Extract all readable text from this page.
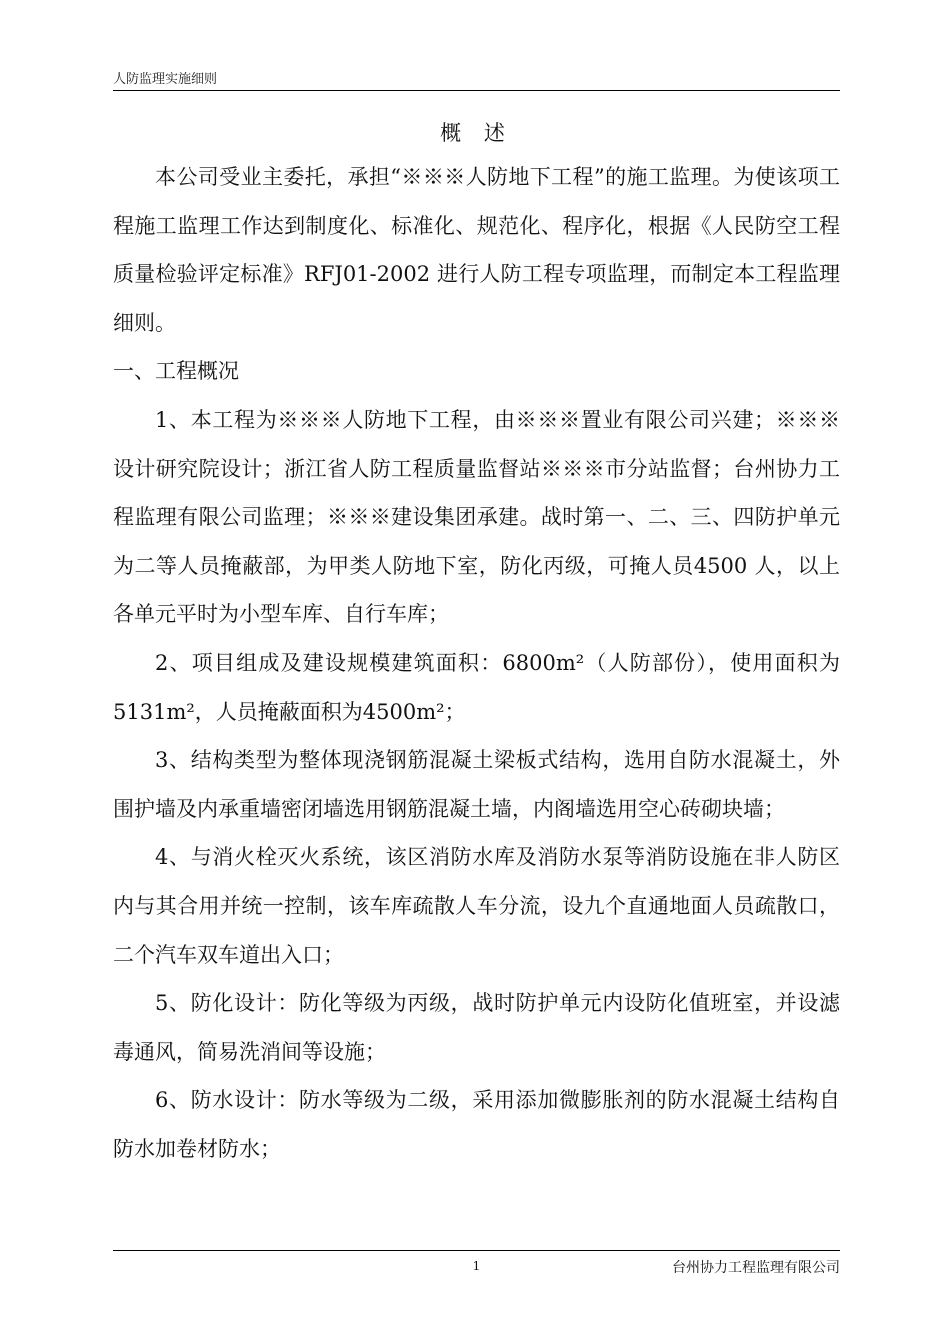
人防监理实施细则
概 述

本公司受业主委托，承担“※※※人防地下工程”的施工监理。为使该项工程施工监理工作达到制度化、标准化、规范化、程序化，根据《人民防空工程质量检验评定标准》RFJ01-2002 进行人防工程专项监理，而制定本工程监理细则。

一、工程概况

1、本工程为※※※人防地下工程，由※※※置业有限公司兴建；※※※设计研究院设计；浙江省人防工程质量监督站※※※市分站监督；台州协力工程监理有限公司监理；※※※建设集团承建。战时第一、二、三、四防护单元为二等人员掩蔽部，为甲类人防地下室，防化丙级，可掩人员4500 人，以上各单元平时为小型车库、自行车库；

2、项目组成及建设规模建筑面积：6800m²（人防部份），使用面积为5131m²，人员掩蔽面积为4500m²；

3、结构类型为整体现浇钢筋混凝土梁板式结构，选用自防水混凝土，外围护墙及内承重墙密闭墙选用钢筋混凝土墙，内阁墙选用空心砖砌块墙；

4、与消火栓灭火系统，该区消防水库及消防水泵等消防设施在非人防区内与其合用并统一控制，该车库疏散人车分流，设九个直通地面人员疏散口，二个汽车双车道出入口；

5、防化设计：防化等级为丙级，战时防护单元内设防化值班室，并设滤毒通风，简易洗消间等设施；

6、防水设计：防水等级为二级，采用添加微膨胀剂的防水混凝土结构自防水加卷材防水；

1	台州协力工程监理有限公司
